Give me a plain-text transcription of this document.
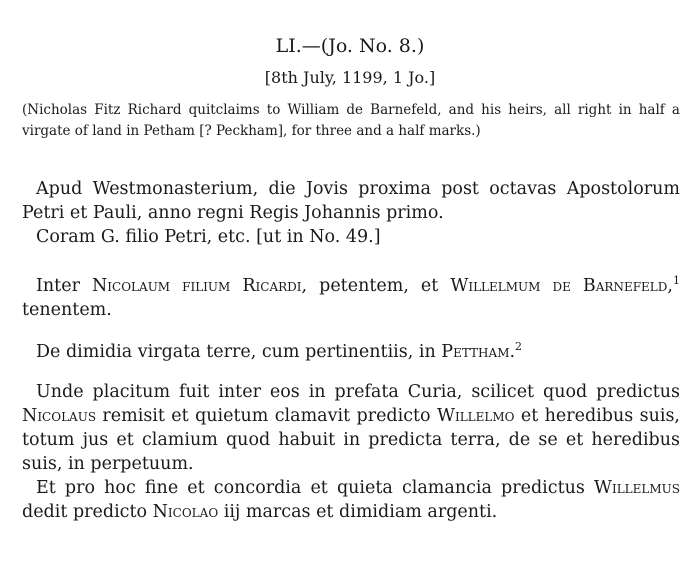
LI.—(Jo. No. 8.)
[8th July, 1199, 1 Jo.]

(Nicholas Fitz Richard quitclaims to William de Barnefeld, and his heirs, all right in half a virgate of land in Petham [? Peckham], for three and a half marks.)

Apud Westmonasterium, die Jovis proxima post octavas Apostolorum Petri et Pauli, anno regni Regis Johannis primo.

Coram G. filio Petri, etc. [ut in No. 49.]

Inter Nicolaum filium Ricardi, petentem, et Willelmum de Barnefeld,$^1$ tenentem.

De dimidia virgata terre, cum pertinentiis, in Pettham.$^2$

Unde placitum fuit inter eos in prefata Curia, scilicet quod predictus Nicolaus remisit et quietum clamavit predicto Willelmo et heredibus suis, totum jus et clamium quod habuit in predicta terra, de se et heredibus suis, in perpetuum.

Et pro hoc fine et concordia et quieta clamancia predictus Willelmus dedit predicto Nicolao iij marcas et dimidiam argenti.
